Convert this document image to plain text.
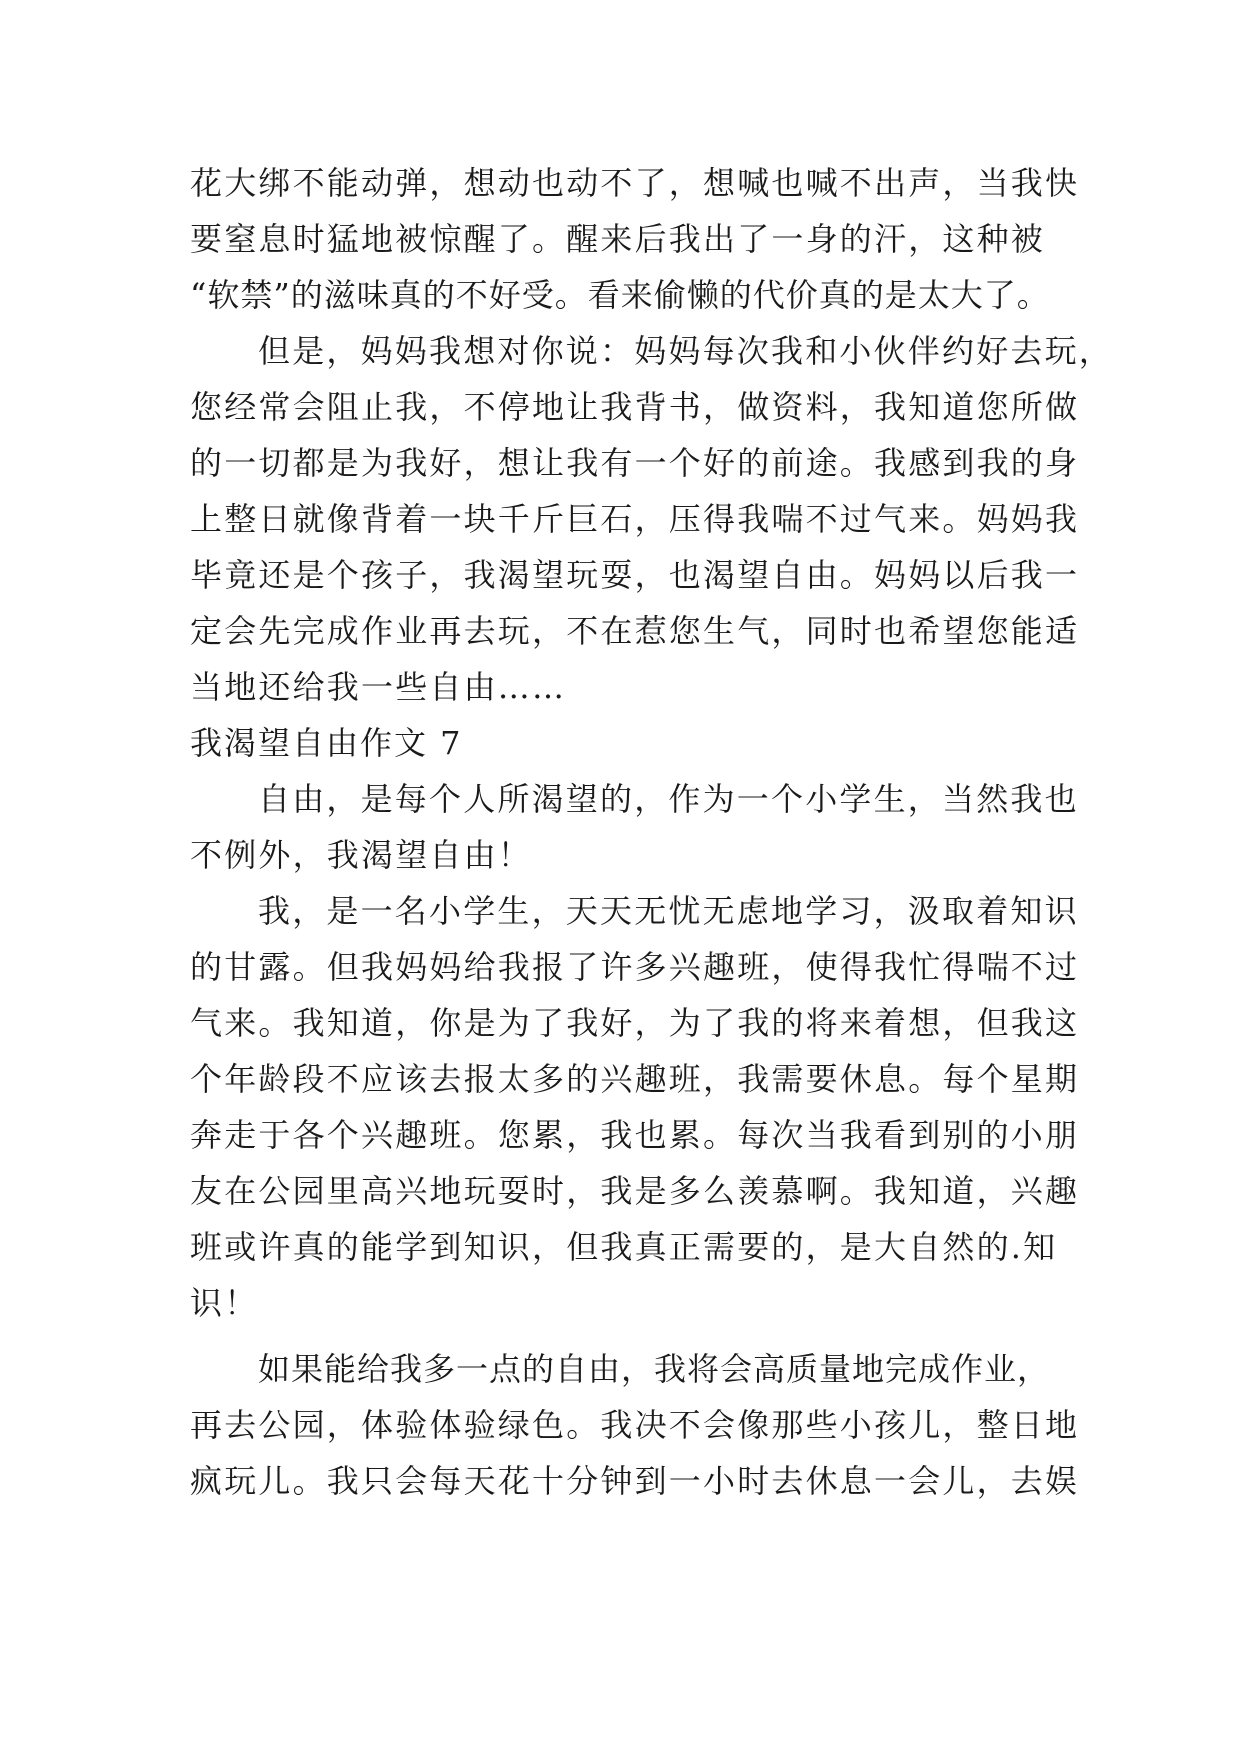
花大绑不能动弹，想动也动不了，想喊也喊不出声，当我快
要窒息时猛地被惊醒了。醒来后我出了一身的汗，这种被
“软禁”的滋味真的不好受。看来偷懒的代价真的是太大了。
但是，妈妈我想对你说：妈妈每次我和小伙伴约好去玩，
您经常会阻止我，不停地让我背书，做资料，我知道您所做
的一切都是为我好，想让我有一个好的前途。我感到我的身
上整日就像背着一块千斤巨石，压得我喘不过气来。妈妈我
毕竟还是个孩子，我渴望玩耍，也渴望自由。妈妈以后我一
定会先完成作业再去玩，不在惹您生气，同时也希望您能适
当地还给我一些自由……
我渴望自由作文 7
自由，是每个人所渴望的，作为一个小学生，当然我也
不例外，我渴望自由！
我，是一名小学生，天天无忧无虑地学习，汲取着知识
的甘露。但我妈妈给我报了许多兴趣班，使得我忙得喘不过
气来。我知道，你是为了我好，为了我的将来着想，但我这
个年龄段不应该去报太多的兴趣班，我需要休息。每个星期
奔走于各个兴趣班。您累，我也累。每次当我看到别的小朋
友在公园里高兴地玩耍时，我是多么羡慕啊。我知道，兴趣
班或许真的能学到知识，但我真正需要的，是大自然的.知
识！
如果能给我多一点的自由，我将会高质量地完成作业，
再去公园，体验体验绿色。我决不会像那些小孩儿，整日地
疯玩儿。我只会每天花十分钟到一小时去休息一会儿，去娱
